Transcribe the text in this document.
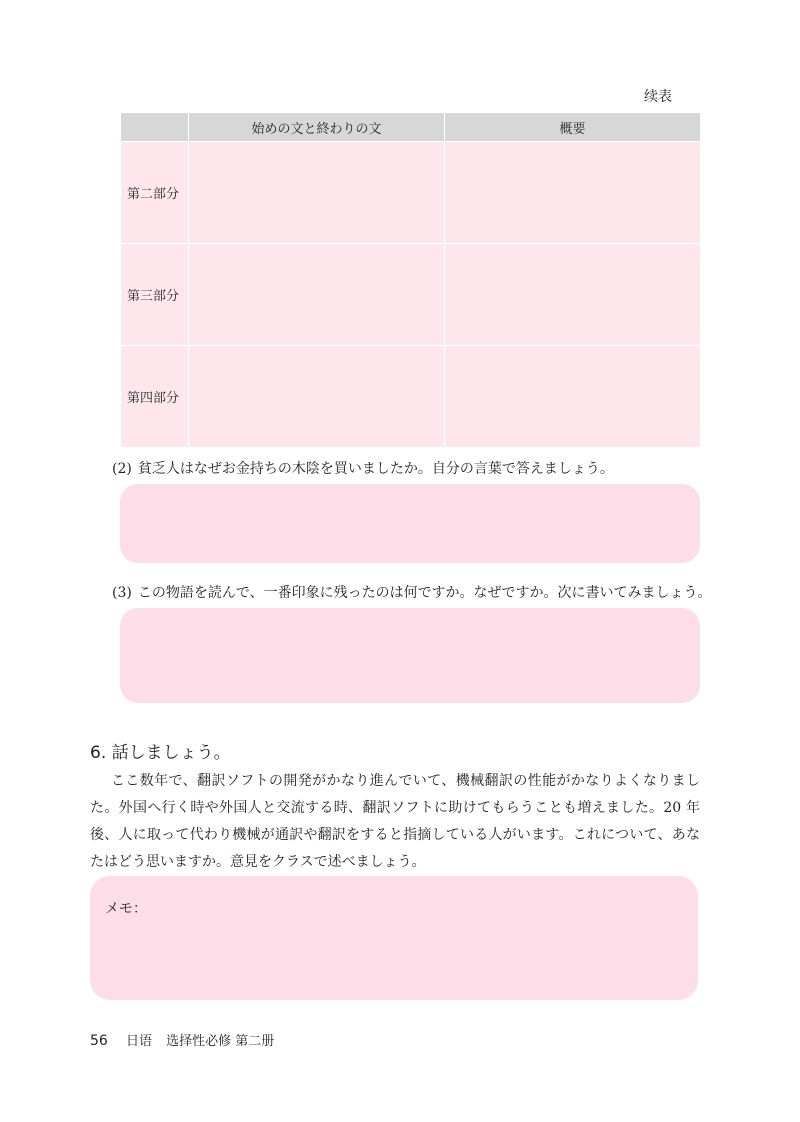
续表
	始めの文と終わりの文	概要
第二部分		
第三部分		
第四部分		
(2) 貧乏人はなぜお金持ちの木陰を買いましたか。自分の言葉で答えましょう。
(3) この物語を読んで、一番印象に残ったのは何ですか。なぜですか。次に書いてみましょう。
6. 話しましょう。

ここ数年で、翻訳ソフトの開発がかなり進んでいて、機械翻訳の性能がかなりよくなりました。外国へ行く時や外国人と交流する時、翻訳ソフトに助けてもらうことも増えました。20 年後、人に取って代わり機械が通訳や翻訳をすると指摘している人がいます。これについて、あなたはどう思いますか。意見をクラスで述べましょう。

メモ：
56 日语 选择性必修 第二册
